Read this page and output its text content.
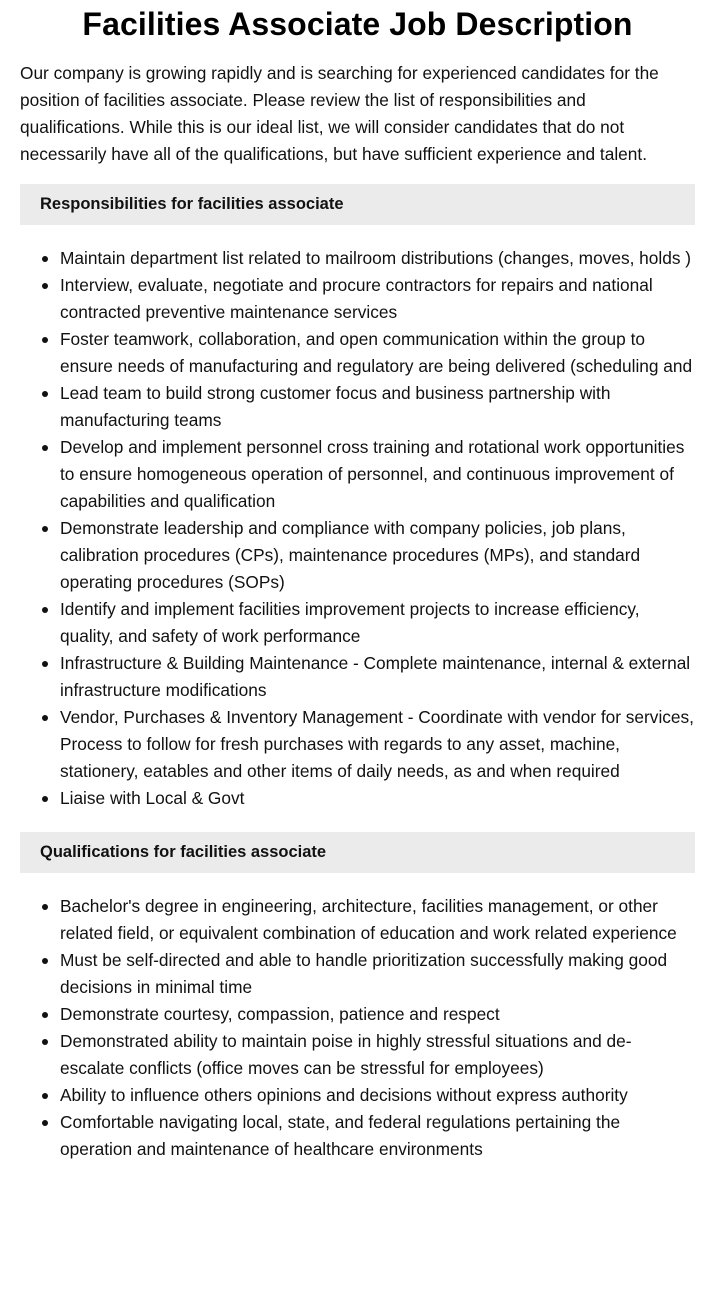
Facilities Associate Job Description

Our company is growing rapidly and is searching for experienced candidates for the position of facilities associate. Please review the list of responsibilities and qualifications. While this is our ideal list, we will consider candidates that do not necessarily have all of the qualifications, but have sufficient experience and talent.

Responsibilities for facilities associate
Maintain department list related to mailroom distributions (changes, moves, holds )
Interview, evaluate, negotiate and procure contractors for repairs and national contracted preventive maintenance services
Foster teamwork, collaboration, and open communication within the group to ensure needs of manufacturing and regulatory are being delivered (scheduling and
Lead team to build strong customer focus and business partnership with manufacturing teams
Develop and implement personnel cross training and rotational work opportunities to ensure homogeneous operation of personnel, and continuous improvement of capabilities and qualification
Demonstrate leadership and compliance with company policies, job plans, calibration procedures (CPs), maintenance procedures (MPs), and standard operating procedures (SOPs)
Identify and implement facilities improvement projects to increase efficiency, quality, and safety of work performance
Infrastructure & Building Maintenance - Complete maintenance, internal & external infrastructure modifications
Vendor, Purchases & Inventory Management - Coordinate with vendor for services, Process to follow for fresh purchases with regards to any asset, machine, stationery, eatables and other items of daily needs, as and when required
Liaise with Local & Govt
Qualifications for facilities associate
Bachelor's degree in engineering, architecture, facilities management, or other related field, or equivalent combination of education and work related experience
Must be self-directed and able to handle prioritization successfully making good decisions in minimal time
Demonstrate courtesy, compassion, patience and respect
Demonstrated ability to maintain poise in highly stressful situations and de-escalate conflicts (office moves can be stressful for employees)
Ability to influence others opinions and decisions without express authority
Comfortable navigating local, state, and federal regulations pertaining the operation and maintenance of healthcare environments
